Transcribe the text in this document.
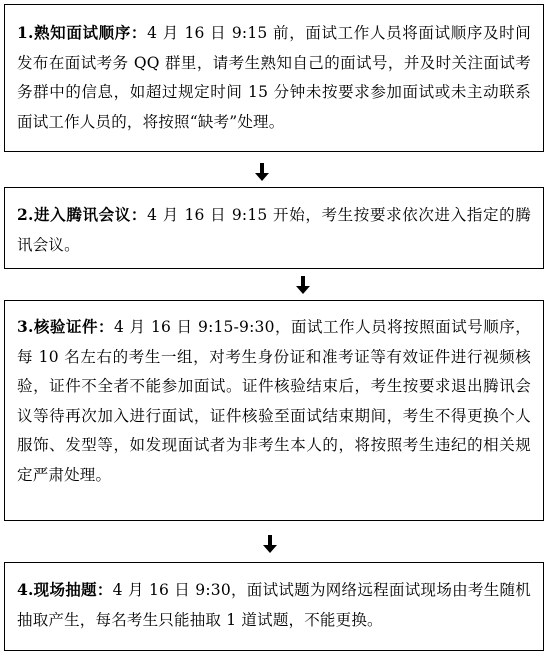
1.熟知面试顺序：4 月 16 日 9:15 前，面试工作人员将面试顺序及时间发布在面试考务 QQ 群里，请考生熟知自己的面试号，并及时关注面试考务群中的信息，如超过规定时间 15 分钟未按要求参加面试或未主动联系面试工作人员的，将按照“缺考”处理。

2.进入腾讯会议：4 月 16 日 9:15 开始，考生按要求依次进入指定的腾讯会议。

3.核验证件：4 月 16 日 9:15-9:30，面试工作人员将按照面试号顺序，每 10 名左右的考生一组，对考生身份证和准考证等有效证件进行视频核验，证件不全者不能参加面试。证件核验结束后，考生按要求退出腾讯会议等待再次加入进行面试，证件核验至面试结束期间，考生不得更换个人服饰、发型等，如发现面试者为非考生本人的，将按照考生违纪的相关规定严肃处理。

4.现场抽题：4 月 16 日 9:30，面试试题为网络远程面试现场由考生随机抽取产生，每名考生只能抽取 1 道试题，不能更换。
